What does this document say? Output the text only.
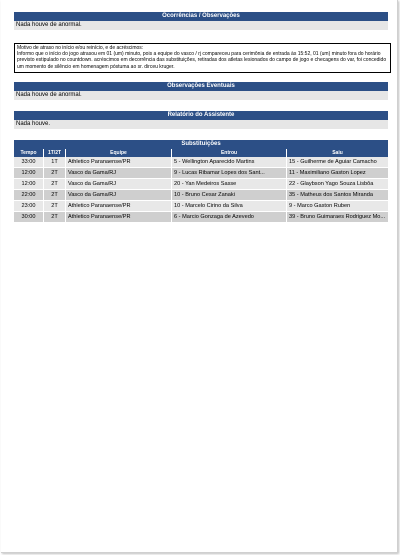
Ocorrências / Observações
Nada houve de anormal.

Motivo de atraso no início e/ou reinício, e de acréscimos:

Informo que o início do jogo atrasou em 01 (um) minuto, pois a equipe do vasco / rj compareceu para cerimônia de entrada às 15:52, 01 (um) minuto fora do horário previsto estipulado no countdown. acréscimos em decorrência das substituições, retiradas dos atletas lesionados do campo de jogo e checagens do var, foi concedido um momento de silêncio em homenagem póstuma ao sr. dirceu kruger.

Observações Eventuais
Nada houve de anormal.
Relatório do Assistente
Nada houve.
Substituições
Tempo	1T/2T	Equipe	Entrou	Saiu
33:00	1T	Athletico Paranaense/PR	5 - Wellington Aparecido Martins	15 - Guilherme de Aguiar Camacho
12:00	2T	Vasco da Gama/RJ	9 - Lucas Ribamar Lopes dos Sant...	11 - Maximiliano Gaston Lopez
12:00	2T	Vasco da Gama/RJ	20 - Yan Medeiros Sasse	22 - Glaybson Yago Souza Lisbôa
22:00	2T	Vasco da Gama/RJ	10 - Bruno Cesar Zanaki	35 - Matheus dos Santos Miranda
23:00	2T	Athletico Paranaense/PR	10 - Marcelo Cirino da Silva	9 - Marco Gaston Ruben
30:00	2T	Athletico Paranaense/PR	6 - Marcio Gonzaga de Azevedo	39 - Bruno Guimaraes Rodriguez Mo...
